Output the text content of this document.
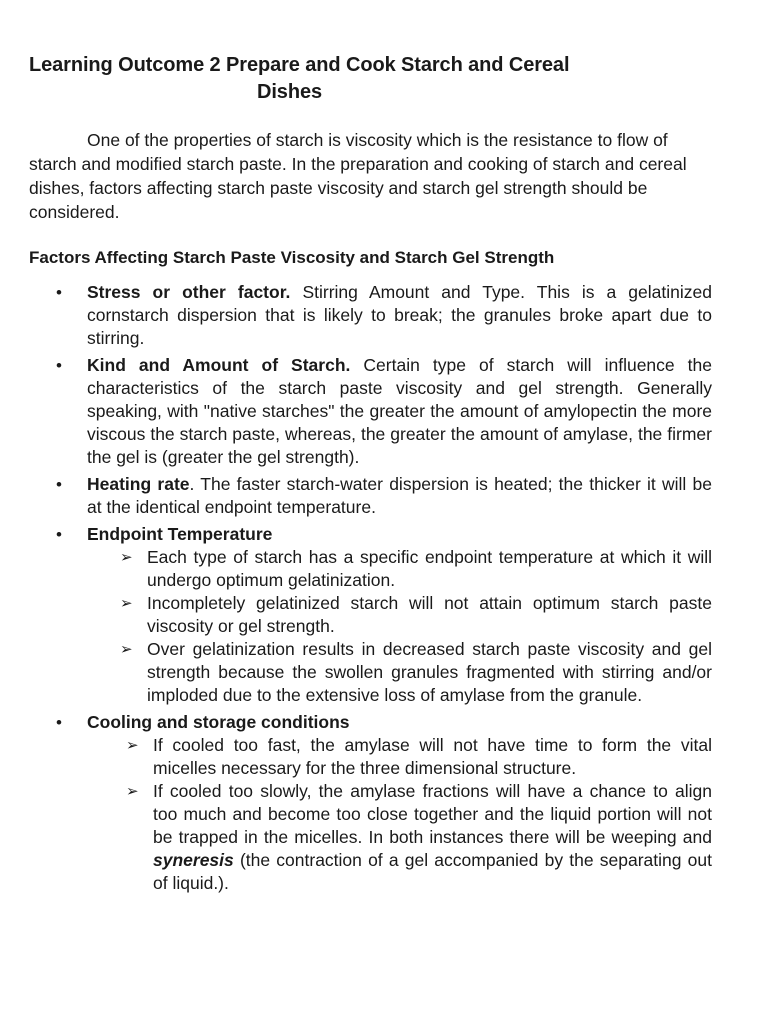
Learning Outcome 2 Prepare and Cook Starch and Cereal
Dishes

One of the properties of starch is viscosity which is the resistance to flow of starch and modified starch paste. In the preparation and cooking of starch and cereal dishes, factors affecting starch paste viscosity and starch gel strength should be considered.

Factors Affecting Starch Paste Viscosity and Starch Gel Strength
•	Stress or other factor. Stirring Amount and Type. This is a gelatinized cornstarch dispersion that is likely to break; the granules broke apart due to stirring.
•	Kind and Amount of Starch. Certain type of starch will influence the characteristics of the starch paste viscosity and gel strength. Generally speaking, with "native starches" the greater the amount of amylopectin the more viscous the starch paste, whereas, the greater the amount of amylase, the firmer the gel is (greater the gel strength).
•	Heating rate. The faster starch-water dispersion is heated; the thicker it will be at the identical endpoint temperature.
•	Endpoint Temperature
➢ Each type of starch has a specific endpoint temperature at which it will undergo optimum gelatinization.
➢ Incompletely gelatinized starch will not attain optimum starch paste viscosity or gel strength.
➢ Over gelatinization results in decreased starch paste viscosity and gel strength because the swollen granules fragmented with stirring and/or imploded due to the extensive loss of amylase from the granule.
•	Cooling and storage conditions
➢ If cooled too fast, the amylase will not have time to form the vital micelles necessary for the three dimensional structure.
➢ If cooled too slowly, the amylase fractions will have a chance to align too much and become too close together and the liquid portion will not be trapped in the micelles. In both instances there will be weeping and syneresis (the contraction of a gel accompanied by the separating out of liquid.).
